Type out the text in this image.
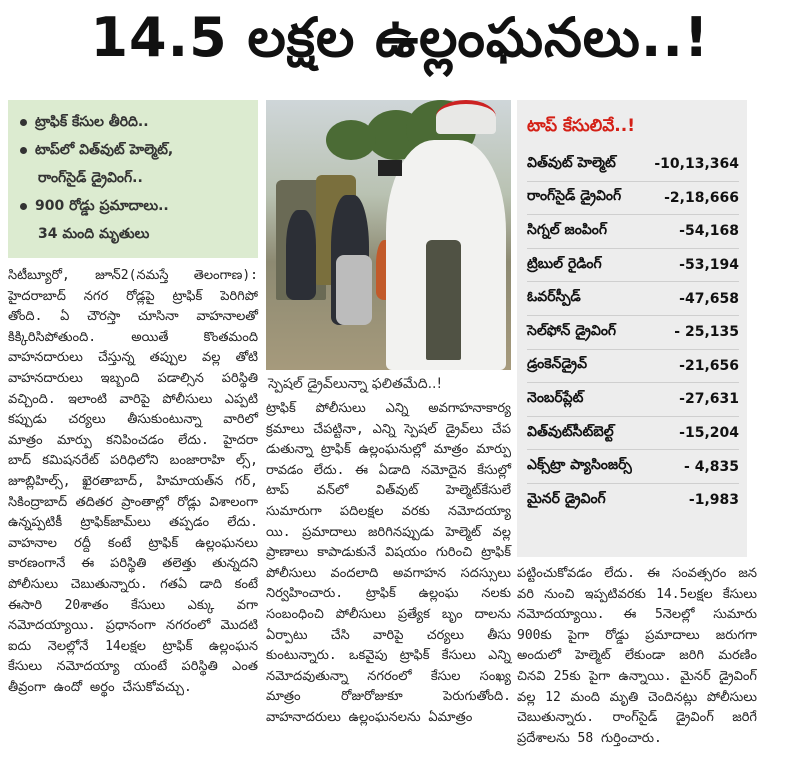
14.5 లక్షల ఉల్లంఘనలు..!
ట్రాఫిక్ కేసుల తీరిది..
టాప్‌లో విత్‌వుట్ హెల్మెట్,
రాంగ్‌సైడ్ డ్రైవింగ్..
900 రోడ్డు ప్రమాదాలు..
34 మంది మృతులు

సిటీబ్యూరో, జూన్2(నమస్తే తెలంగాణ): హైదరాబాద్ నగర రోడ్లపై ట్రాఫిక్ పెరిగిపో తోంది. ఏ చౌరస్తా చూసినా వాహనాలతో కిక్కిరిసిపోతుంది. అయితే కొంతమంది వాహనదారులు చేస్తున్న తప్పుల వల్ల తోటి వాహనదారులు ఇబ్బంది పడాల్సిన పరిస్థితి వచ్చింది. ఇలాంటి వారిపై పోలీసులు ఎప్పటి కప్పుడు చర్యలు తీసుకుంటున్నా వారిలో మాత్రం మార్పు కనిపించడం లేదు. హైదరా బాద్ కమిషనరేట్ పరిధిలోని బంజారాహి ల్స్, జూబ్లిహిల్స్, ఖైరతాబాద్, హిమాయత్‌న గర్, సికింద్రాబాద్ తదితర ప్రాంతాల్లో రోడ్లు విశాలంగా ఉన్నప్పటికీ ట్రాఫిక్‌జామ్‌లు తప్పడం లేదు. వాహనాల రద్దీ కంటే ట్రాఫిక్ ఉల్లంఘనలు కారణంగానే ఈ పరిస్థితి తలెత్తు తున్నదని పోలీసులు చెబుతున్నారు. గతఏ డాది కంటే ఈసారి 20శాతం కేసులు ఎక్కు వగా నమోదయ్యాయి. ప్రధానంగా నగరంలో మొదటి ఐదు నెలల్లోనే 14లక్షల ట్రాఫిక్ ఉల్లంఘన కేసులు నమోదయ్యా యంటే పరిస్థితి ఎంత తీవ్రంగా ఉందో అర్థం చేసుకోవచ్చు.

స్పెషల్ డ్రైవ్‌లున్నా ఫలితమేది..!

ట్రాఫిక్ పోలీసులు ఎన్ని అవగాహనాకార్య క్రమాలు చేపట్టినా, ఎన్ని స్పెషల్ డ్రైవ్‌లు చేప డుతున్నా ట్రాఫిక్ ఉల్లంఘనుల్లో మాత్రం మార్పు రావడం లేదు. ఈ ఏడాది నమోదైన కేసుల్లో టాప్ వన్‌లో విత్‌వుట్ హెల్మెట్‌కేసులే సుమారుగా పదిలక్షల వరకు నమోదయ్యా యి. ప్రమాదాలు జరిగినప్పుడు హెల్మెట్ వల్ల ప్రాణాలు కాపాడుకునే విషయం గురించి ట్రాఫిక్ పోలీసులు వందలాది అవగాహన సదస్సులు నిర్వహించారు. ట్రాఫిక్ ఉల్లంఘ నలకు సంబంధించి పోలీసులు ప్రత్యేక బృం దాలను ఏర్పాటు చేసి వారిపై చర్యలు తీసు కుంటున్నారు. ఒకవైపు ట్రాఫిక్ కేసులు ఎన్ని నమోదవుతున్నా నగరంలో కేసుల సంఖ్య మాత్రం రోజురోజుకూ పెరుగుతోంది. వాహనాదరులు ఉల్లంఘనలను ఏమాత్రం

టాప్ కేసులివే..!
విత్‌వుట్ హెల్మెట్	-10,13,364
రాంగ్‌సైడ్ డ్రైవింగ్	-2,18,666
సిగ్నల్ జంపింగ్	-54,168
ట్రిబుల్ రైడింగ్	-53,194
ఓవర్‌స్పీడ్	-47,658
సెల్‌ఫోన్ డ్రైవింగ్	- 25,135
డ్రంకెన్‌డ్రైవ్	-21,656
నెంబర్‌ప్లేట్	-27,631
విత్‌వుట్‌సీట్‌బెల్ట్	-15,204
ఎక్స్‌ట్రా ప్యాసింజర్స్	- 4,835
మైనర్ డ్రైవింగ్	-1,983

పట్టించుకోవడం లేదు. ఈ సంవత్సరం జన వరి నుంచి ఇప్పటివరకు 14.5లక్షల కేసులు నమోదయ్యాయి. ఈ 5నెలల్లో సుమారు 900కు పైగా రోడ్డు ప్రమాదాలు జరుగగా అందులో హెల్మెట్ లేకుండా జరిగి మరణిం చినవి 25కు పైగా ఉన్నాయి. మైనర్ డ్రైవింగ్ వల్ల 12 మంది మృతి చెందినట్లు పోలీసులు చెబుతున్నారు. రాంగ్‌సైడ్ డ్రైవింగ్ జరిగే ప్రదేశాలను 58 గుర్తించారు.
